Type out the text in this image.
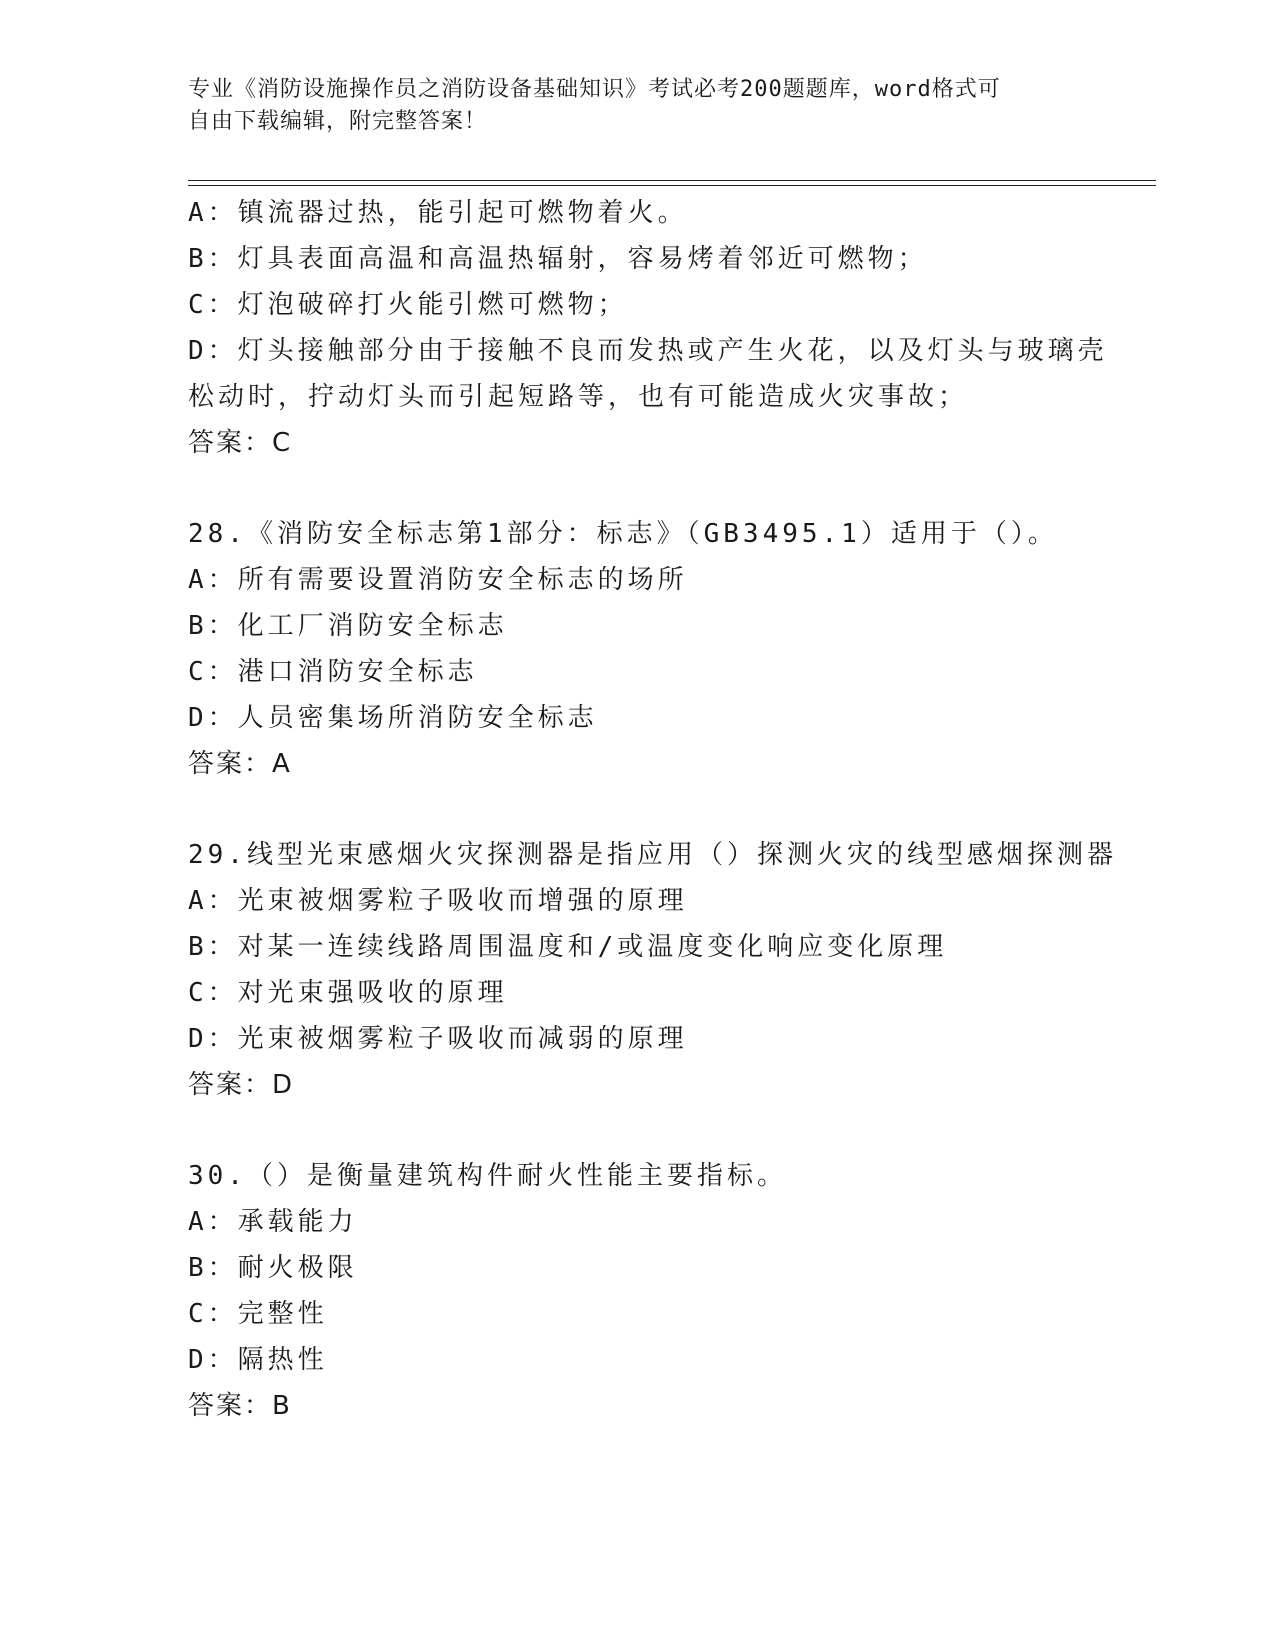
专业《消防设施操作员之消防设备基础知识》考试必考200题题库，word格式可
自由下载编辑，附完整答案！
A：镇流器过热，能引起可燃物着火。
B：灯具表面高温和高温热辐射，容易烤着邻近可燃物；
C：灯泡破碎打火能引燃可燃物；
D：灯头接触部分由于接触不良而发热或产生火花，以及灯头与玻璃壳
松动时，拧动灯头而引起短路等，也有可能造成火灾事故；
答案：C
28.《消防安全标志第1部分：标志》（GB3495.1）适用于（）。
A：所有需要设置消防安全标志的场所
B：化工厂消防安全标志
C：港口消防安全标志
D：人员密集场所消防安全标志
答案：A
29.线型光束感烟火灾探测器是指应用（）探测火灾的线型感烟探测器
A：光束被烟雾粒子吸收而增强的原理
B：对某一连续线路周围温度和/或温度变化响应变化原理
C：对光束强吸收的原理
D：光束被烟雾粒子吸收而减弱的原理
答案：D
30.（）是衡量建筑构件耐火性能主要指标。
A：承载能力
B：耐火极限
C：完整性
D：隔热性
答案：B
